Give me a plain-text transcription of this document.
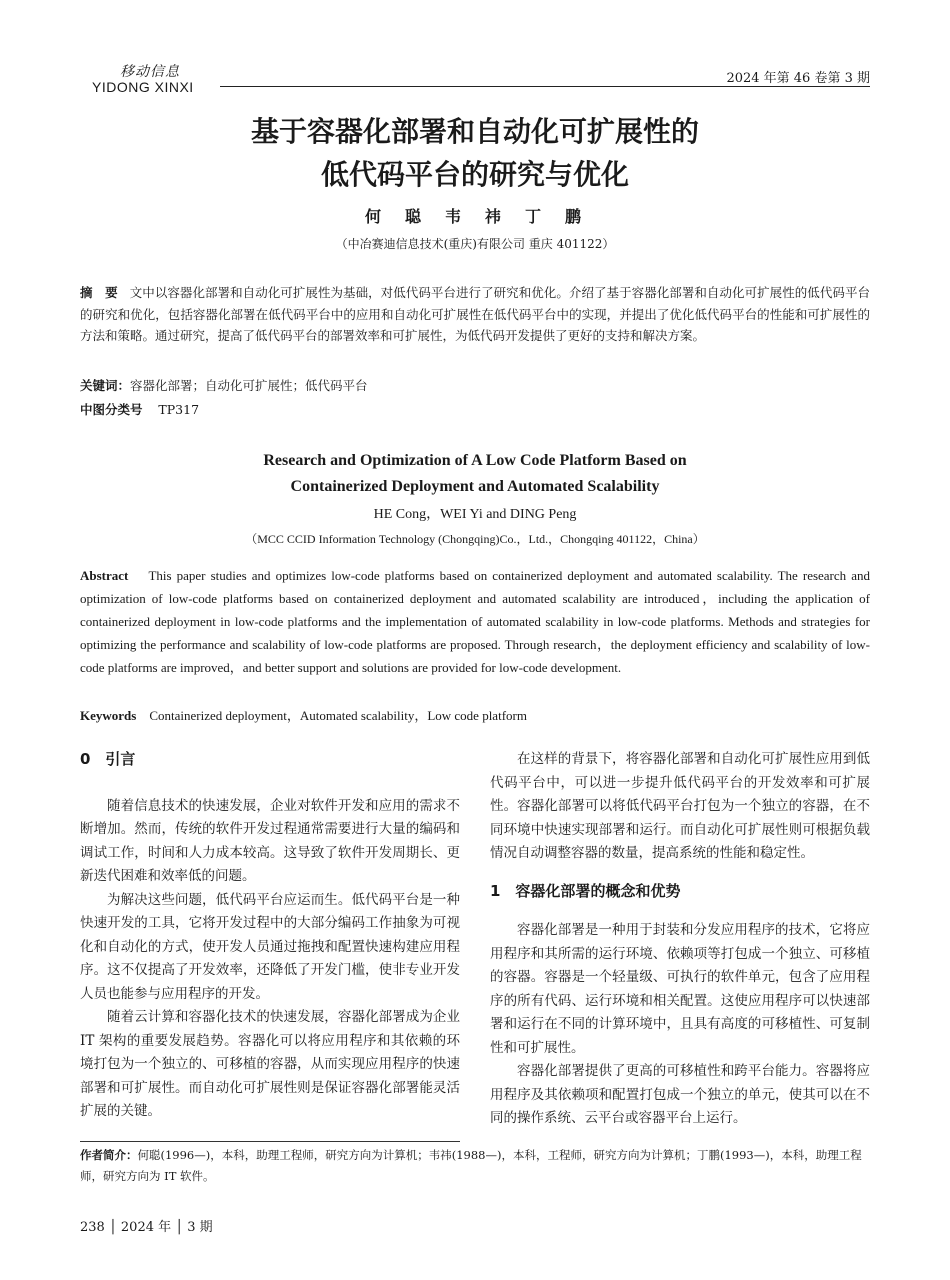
移动信息
YIDONG XINXI
2024 年第 46 卷第 3 期
基于容器化部署和自动化可扩展性的
低代码平台的研究与优化
何　聪　韦　祎　丁　鹏
（中冶赛迪信息技术(重庆)有限公司 重庆 401122）
摘　要 文中以容器化部署和自动化可扩展性为基础，对低代码平台进行了研究和优化。介绍了基于容器化部署和自动化可扩展性的低代码平台的研究和优化，包括容器化部署在低代码平台中的应用和自动化可扩展性在低代码平台中的实现，并提出了优化低代码平台的性能和可扩展性的方法和策略。通过研究，提高了低代码平台的部署效率和可扩展性，为低代码开发提供了更好的支持和解决方案。
关键词：容器化部署；自动化可扩展性；低代码平台
中图分类号 TP317
Research and Optimization of A Low Code Platform Based on
Containerized Deployment and Automated Scalability
HE Cong，WEI Yi and DING Peng
（MCC CCID Information Technology (Chongqing)Co.，Ltd.，Chongqing 401122，China）
Abstract This paper studies and optimizes low-code platforms based on containerized deployment and automated scalability. The research and optimization of low-code platforms based on containerized deployment and automated scalability are introduced，including the application of containerized deployment in low-code platforms and the implementation of automated scalability in low-code platforms. Methods and strategies for optimizing the performance and scalability of low-code platforms are proposed. Through research，the deployment efficiency and scalability of low-code platforms are improved，and better support and solutions are provided for low-code development.
Keywords Containerized deployment，Automated scalability，Low code platform
0　引言

随着信息技术的快速发展，企业对软件开发和应用的需求不断增加。然而，传统的软件开发过程通常需要进行大量的编码和调试工作，时间和人力成本较高。这导致了软件开发周期长、更新迭代困难和效率低的问题。

为解决这些问题，低代码平台应运而生。低代码平台是一种快速开发的工具，它将开发过程中的大部分编码工作抽象为可视化和自动化的方式，使开发人员通过拖拽和配置快速构建应用程序。这不仅提高了开发效率，还降低了开发门槛，使非专业开发人员也能参与应用程序的开发。

随着云计算和容器化技术的快速发展，容器化部署成为企业 IT 架构的重要发展趋势。容器化可以将应用程序和其依赖的环境打包为一个独立的、可移植的容器，从而实现应用程序的快速部署和可扩展性。而自动化可扩展性则是保证容器化部署能灵活扩展的关键。

在这样的背景下，将容器化部署和自动化可扩展性应用到低代码平台中，可以进一步提升低代码平台的开发效率和可扩展性。容器化部署可以将低代码平台打包为一个独立的容器，在不同环境中快速实现部署和运行。而自动化可扩展性则可根据负载情况自动调整容器的数量，提高系统的性能和稳定性。

1　容器化部署的概念和优势

容器化部署是一种用于封装和分发应用程序的技术，它将应用程序和其所需的运行环境、依赖项等打包成一个独立、可移植的容器。容器是一个轻量级、可执行的软件单元，包含了应用程序的所有代码、运行环境和相关配置。这使应用程序可以快速部署和运行在不同的计算环境中，且具有高度的可移植性、可复制性和可扩展性。

容器化部署提供了更高的可移植性和跨平台能力。容器将应用程序及其依赖项和配置打包成一个独立的单元，使其可以在不同的操作系统、云平台或容器平台上运行。

作者简介：何聪(1996—)，本科，助理工程师，研究方向为计算机；韦祎(1988—)，本科，工程师，研究方向为计算机；丁鹏(1993—)，本科，助理工程师，研究方向为 IT 软件。
238 │ 2024 年 │ 3 期
